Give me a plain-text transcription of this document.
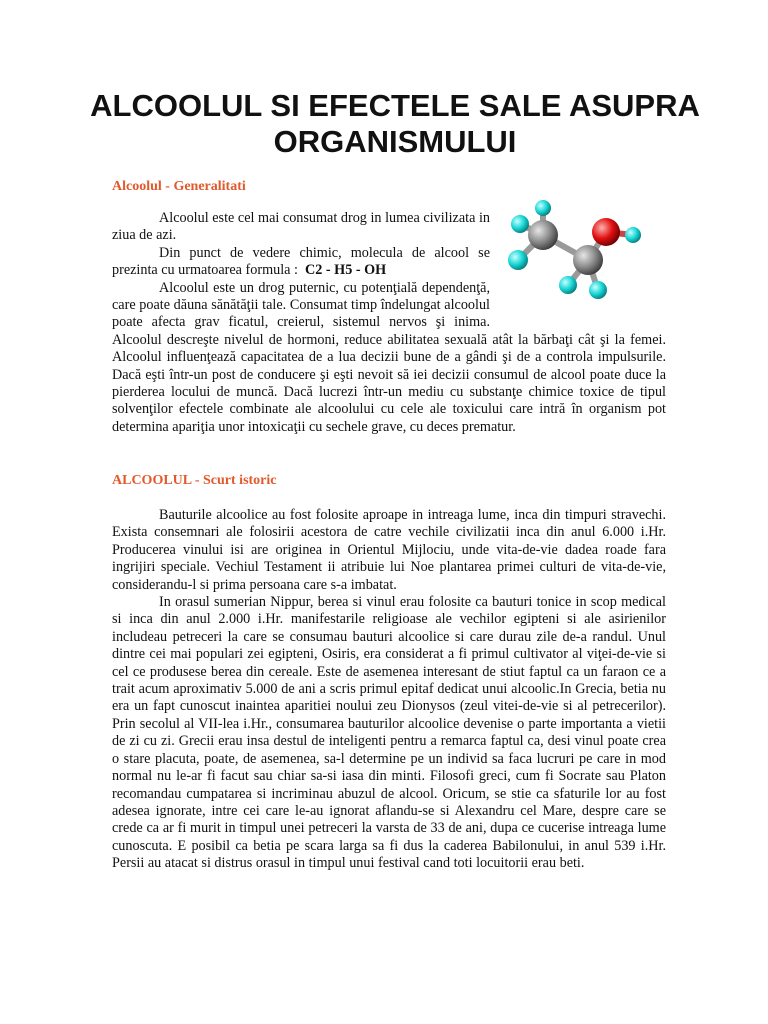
ALCOOLUL SI EFECTELE SALE ASUPRA ORGANISMULUI
Alcoolul - Generalitati

Alcoolul este cel mai consumat drog in lumea civilizata in ziua de azi.

Din punct de vedere chimic, molecula de alcool se prezinta cu urmatoarea formula : C2 - H5 - OH

Alcoolul este un drog puternic, cu potenţială dependenţă, care poate dăuna sănătăţii tale. Consumat timp îndelungat alcoolul poate afecta grav ficatul, creierul, sistemul nervos şi inima. Alcoolul descreşte nivelul de hormoni, reduce abilitatea sexuală atât la bărbaţi cât şi la femei. Alcoolul influenţează capacitatea de a lua decizii bune de a gândi şi de a controla impulsurile. Dacă eşti într-un post de conducere şi eşti nevoit să iei decizii consumul de alcool poate duce la pierderea locului de muncă. Dacă lucrezi într-un mediu cu substanţe chimice toxice de tipul solvenţilor efectele combinate ale alcoolului cu cele ale toxicului care intră în organism pot determina apariţia unor intoxicaţii cu sechele grave, cu deces prematur.

ALCOOLUL - Scurt istoric

Bauturile alcoolice au fost folosite aproape in intreaga lume, inca din timpuri stravechi. Exista consemnari ale folosirii acestora de catre vechile civilizatii inca din anul 6.000 i.Hr. Producerea vinului isi are originea in Orientul Mijlociu, unde vita-de-vie dadea roade fara ingrijiri speciale. Vechiul Testament ii atribuie lui Noe plantarea primei culturi de vita-de-vie, considerandu-l si prima persoana care s-a imbatat.

In orasul sumerian Nippur, berea si vinul erau folosite ca bauturi tonice in scop medical si inca din anul 2.000 i.Hr. manifestarile religioase ale vechilor egipteni si ale asirienilor includeau petreceri la care se consumau bauturi alcoolice si care durau zile de-a randul. Unul dintre cei mai populari zei egipteni, Osiris, era considerat a fi primul cultivator al viţei-de-vie si cel ce produsese berea din cereale. Este de asemenea interesant de stiut faptul ca un faraon ce a trait acum aproximativ 5.000 de ani a scris primul epitaf dedicat unui alcoolic.In Grecia, betia nu era un fapt cunoscut inaintea aparitiei noului zeu Dionysos (zeul vitei-de-vie si al petrecerilor). Prin secolul al VII-lea i.Hr., consumarea bauturilor alcoolice devenise o parte importanta a vietii de zi cu zi. Grecii erau insa destul de inteligenti pentru a remarca faptul ca, desi vinul poate crea o stare placuta, poate, de asemenea, sa-l determine pe un individ sa faca lucruri pe care in mod normal nu le-ar fi facut sau chiar sa-si iasa din minti. Filosofi greci, cum fi Socrate sau Platon recomandau cumpatarea si incriminau abuzul de alcool. Oricum, se stie ca sfaturile lor au fost adesea ignorate, intre cei care le-au ignorat aflandu-se si Alexandru cel Mare, despre care se crede ca ar fi murit in timpul unei petreceri la varsta de 33 de ani, dupa ce cucerise intreaga lume cunoscuta. E posibil ca betia pe scara larga sa fi dus la caderea Babilonului, in anul 539 i.Hr. Persii au atacat si distrus orasul in timpul unui festival cand toti locuitorii erau beti.
